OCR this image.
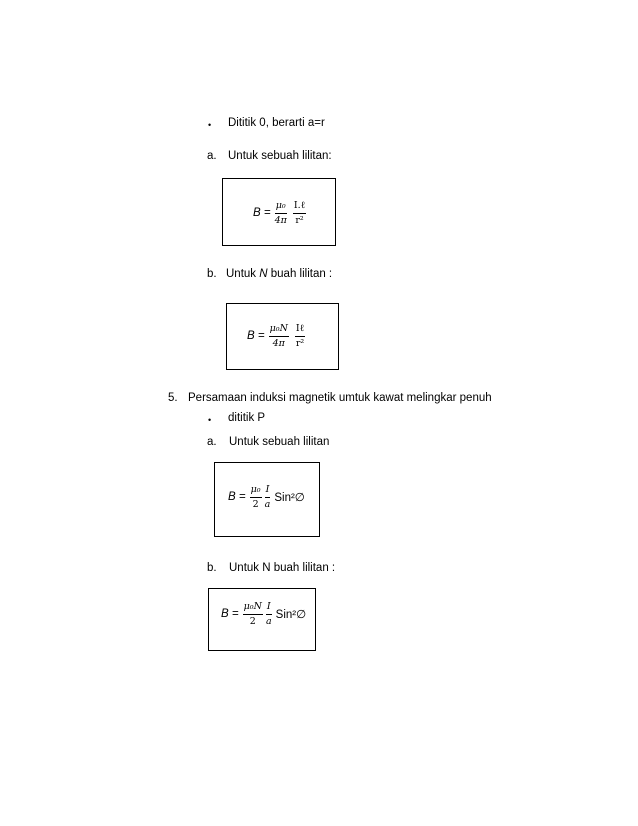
• Dititik 0, berarti a=r
a. Untuk sebuah lilitan:
$B = \frac{\text{μ₀}}{4\pi} \frac{\text{I.ℓ}}{\text{r²}}$
b. Untuk N buah lilitan :
$B = \frac{\text{μ₀N}}{4\pi} \frac{\text{Iℓ}}{\text{r²}}$
5. Persamaan induksi magnetik umtuk kawat melingkar penuh
• dititik P
a. Untuk sebuah lilitan
$B = \frac{\text{μ₀}}{2} \frac{I}{a}$ Sin²∅
b. Untuk N buah lilitan :
$B = \frac{\text{μ₀N}}{2} \frac{I}{a}$ Sin²∅
